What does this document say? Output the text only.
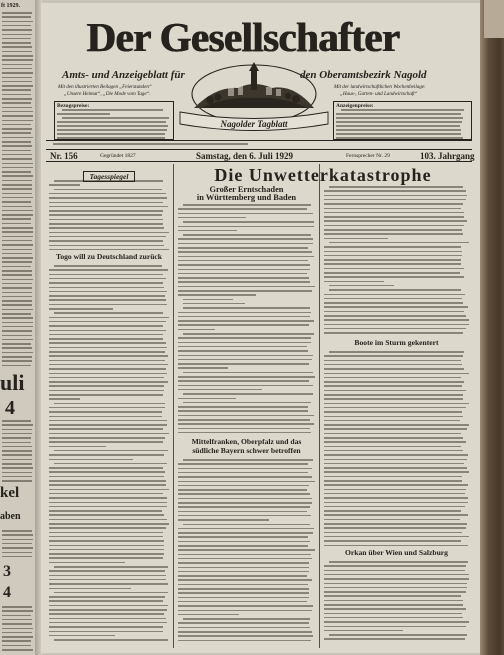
ft 1929.
uli
4
kel
aben
3
4
Der Gesellschafter
Amts- und Anzeigeblatt für	den Oberamtsbezirk Nagold
Nagolder Tagblatt
Mit den illustrierten Beilagen „Feierstunden“
„Unsere Heimat“, „Die Mode vom Tage“.
Mit der landwirtschaftlichen Wochenbeilage:
„Haus-, Garten- und Landwirtschaft“
Bezugspreise:	Anzeigenpreise:
Nr. 156	Gegründet 1827	Samstag, den 6. Juli 1929	Fernsprecher Nr. 29	103. Jahrgang
Die Unwetterkatastrophe
Tagesspiegel
Togo will zu Deutschland zurück
Großer Erntschaden
in Württemberg und Baden
Mittelfranken, Oberpfalz und das
südliche Bayern schwer betroffen
Boote im Sturm gekentert
Orkan über Wien und Salzburg
